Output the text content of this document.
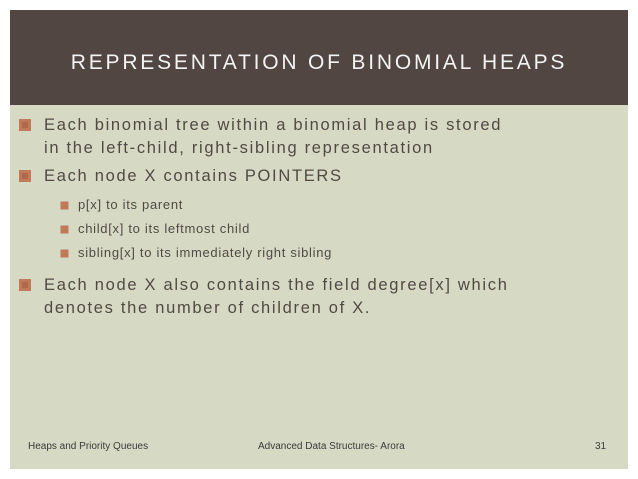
REPRESENTATION OF BINOMIAL HEAPS
Each binomial tree within a binomial heap is stored
in the left-child, right-sibling representation
Each node X contains POINTERS
p[x] to its parent
child[x] to its leftmost child
sibling[x] to its immediately right sibling
Each node X also contains the field degree[x] which
denotes the number of children of X.
Heaps and Priority Queues	Advanced Data Structures- Arora	31
